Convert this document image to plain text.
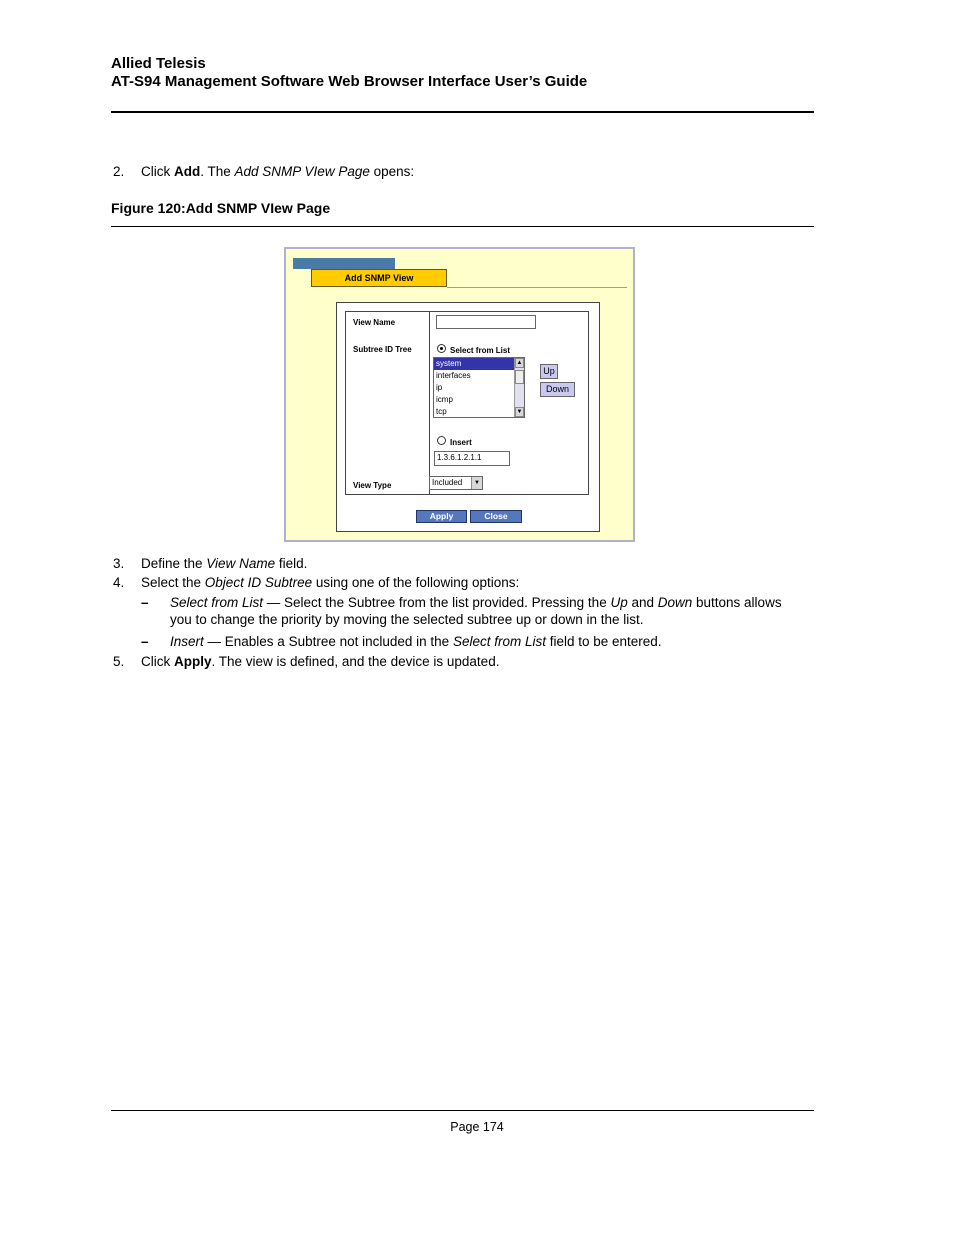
Allied Telesis
AT-S94 Management Software Web Browser Interface User’s Guide
2. Click Add. The Add SNMP VIew Page opens:
Figure 120:Add SNMP VIew Page
Add SNMP View
View Name
Subtree ID Tree	Select from List
system
interfaces
ip
icmp
tcp
▲
▼
Up
Down
Insert
1.3.6.1.2.1.1
View Type	Included	▼
Apply	Close
3. Define the View Name field.
4. Select the Object ID Subtree using one of the following options:
– Select from List — Select the Subtree from the list provided. Pressing the Up and Down buttons allows
you to change the priority by moving the selected subtree up or down in the list.
– Insert — Enables a Subtree not included in the Select from List field to be entered.
5. Click Apply. The view is defined, and the device is updated.
Page 174
